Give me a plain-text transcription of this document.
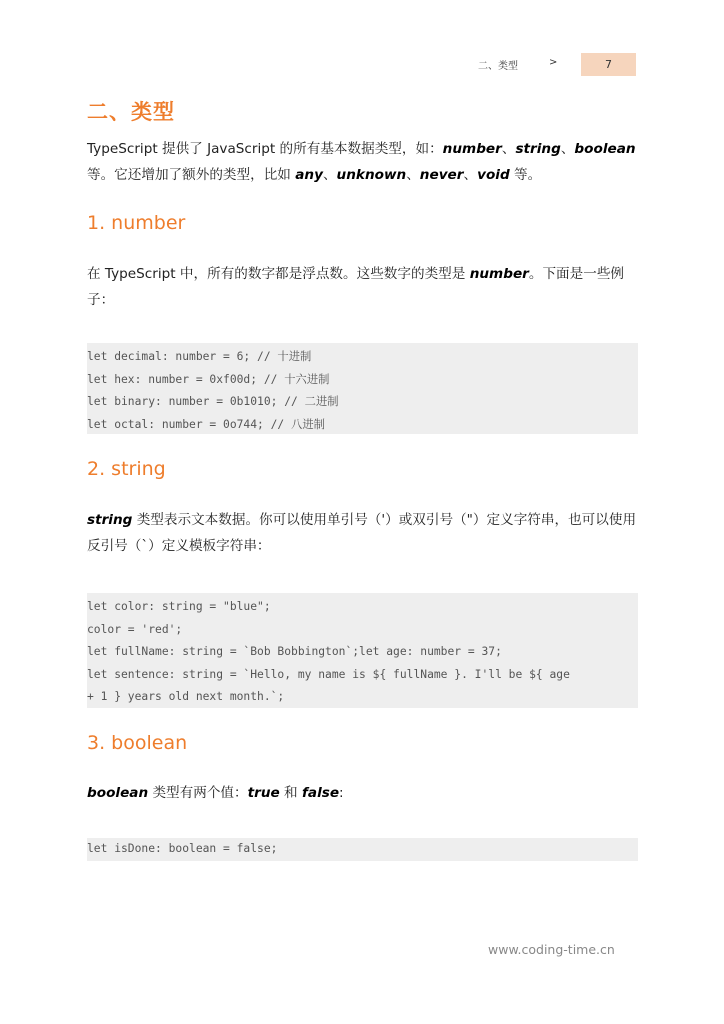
二、类型	>	7
二、类型
TypeScript 提供了 JavaScript 的所有基本数据类型，如：number、string、boolean
等。它还增加了额外的类型，比如 any、unknown、never、void 等。
1. number
在 TypeScript 中，所有的数字都是浮点数。这些数字的类型是 number。下面是一些例子：
let decimal: number = 6; // 十进制
let hex: number = 0xf00d; // 十六进制
let binary: number = 0b1010; // 二进制
let octal: number = 0o744; // 八进制
2. string
string 类型表示文本数据。你可以使用单引号（'）或双引号（"）定义字符串，也可以使用反引号（`）定义模板字符串：
let color: string = "blue";
color = 'red';
let fullName: string = `Bob Bobbington`;let age: number = 37;
let sentence: string = `Hello, my name is ${ fullName }. I'll be ${ age
+ 1 } years old next month.`;
3. boolean
boolean 类型有两个值：true 和 false:
let isDone: boolean = false;
www.coding-time.cn
